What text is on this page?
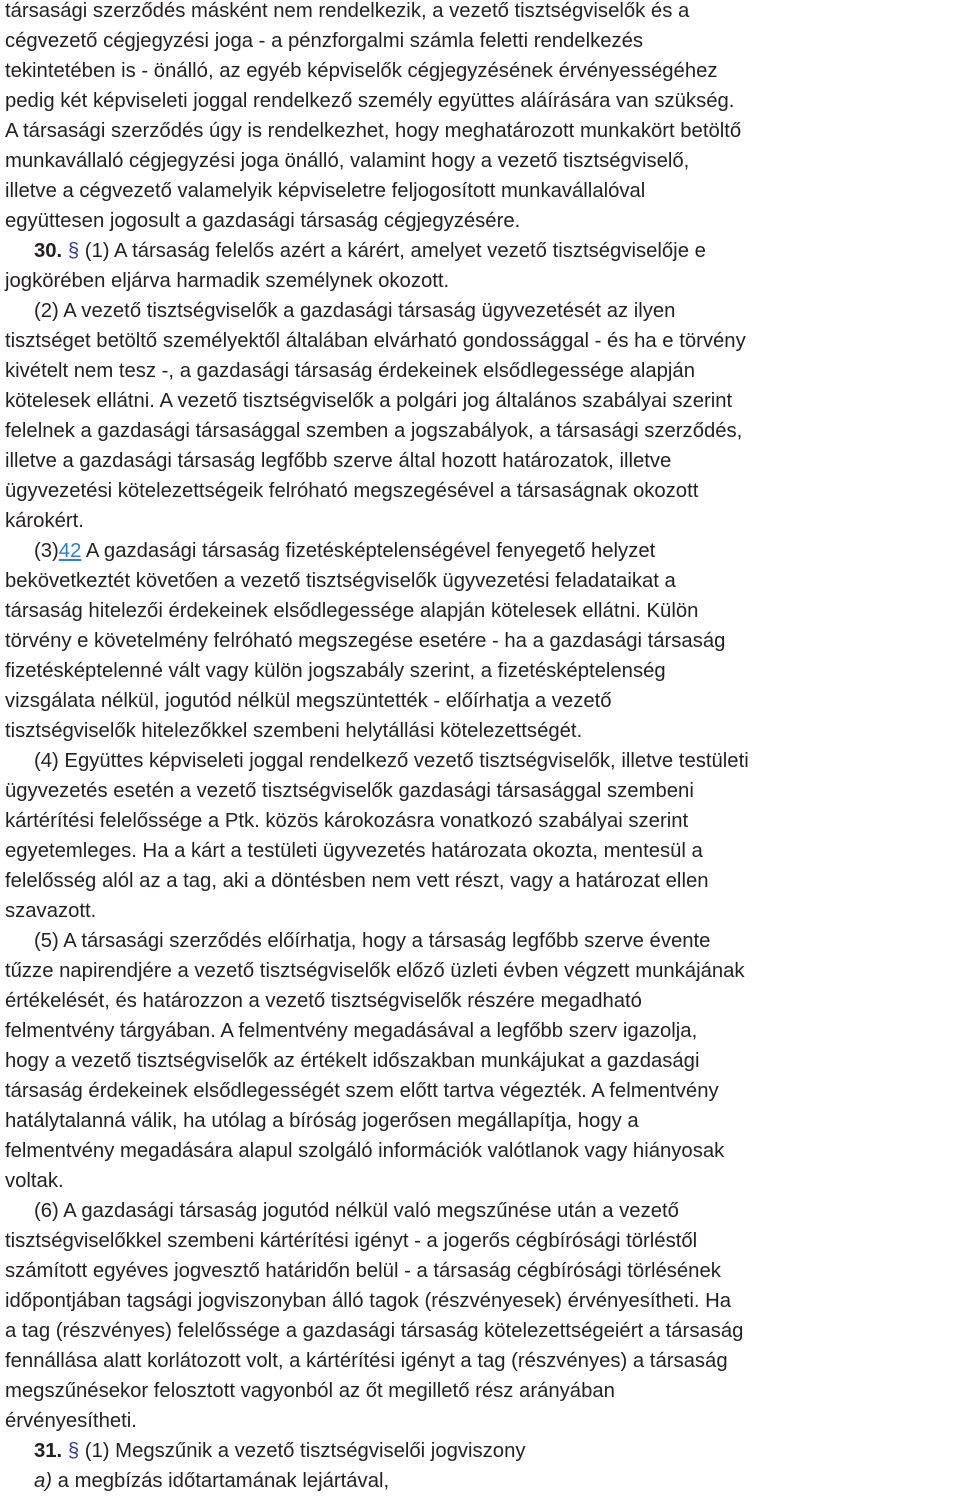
társasági szerződés másként nem rendelkezik, a vezető tisztségviselők és a
cégvezető cégjegyzési joga - a pénzforgalmi számla feletti rendelkezés
tekintetében is - önálló, az egyéb képviselők cégjegyzésének érvényességéhez
pedig két képviseleti joggal rendelkező személy együttes aláírására van szükség.
A társasági szerződés úgy is rendelkezhet, hogy meghatározott munkakört betöltő
munkavállaló cégjegyzési joga önálló, valamint hogy a vezető tisztségviselő,
illetve a cégvezető valamelyik képviseletre feljogosított munkavállalóval
együttesen jogosult a gazdasági társaság cégjegyzésére.
30. § (1) A társaság felelős azért a kárért, amelyet vezető tisztségviselője e
jogkörében eljárva harmadik személynek okozott.
(2) A vezető tisztségviselők a gazdasági társaság ügyvezetését az ilyen
tisztséget betöltő személyektől általában elvárható gondossággal - és ha e törvény
kivételt nem tesz -, a gazdasági társaság érdekeinek elsődlegessége alapján
kötelesek ellátni. A vezető tisztségviselők a polgári jog általános szabályai szerint
felelnek a gazdasági társasággal szemben a jogszabályok, a társasági szerződés,
illetve a gazdasági társaság legfőbb szerve által hozott határozatok, illetve
ügyvezetési kötelezettségeik felróható megszegésével a társaságnak okozott
károkért.
(3)42 A gazdasági társaság fizetésképtelenségével fenyegető helyzet
bekövetkeztét követően a vezető tisztségviselők ügyvezetési feladataikat a
társaság hitelezői érdekeinek elsődlegessége alapján kötelesek ellátni. Külön
törvény e követelmény felróható megszegése esetére - ha a gazdasági társaság
fizetésképtelenné vált vagy külön jogszabály szerint, a fizetésképtelenség
vizsgálata nélkül, jogutód nélkül megszüntették - előírhatja a vezető
tisztségviselők hitelezőkkel szembeni helytállási kötelezettségét.
(4) Együttes képviseleti joggal rendelkező vezető tisztségviselők, illetve testületi
ügyvezetés esetén a vezető tisztségviselők gazdasági társasággal szembeni
kártérítési felelőssége a Ptk. közös károkozásra vonatkozó szabályai szerint
egyetemleges. Ha a kárt a testületi ügyvezetés határozata okozta, mentesül a
felelősség alól az a tag, aki a döntésben nem vett részt, vagy a határozat ellen
szavazott.
(5) A társasági szerződés előírhatja, hogy a társaság legfőbb szerve évente
tűzze napirendjére a vezető tisztségviselők előző üzleti évben végzett munkájának
értékelését, és határozzon a vezető tisztségviselők részére megadható
felmentvény tárgyában. A felmentvény megadásával a legfőbb szerv igazolja,
hogy a vezető tisztségviselők az értékelt időszakban munkájukat a gazdasági
társaság érdekeinek elsődlegességét szem előtt tartva végezték. A felmentvény
hatálytalanná válik, ha utólag a bíróság jogerősen megállapítja, hogy a
felmentvény megadására alapul szolgáló információk valótlanok vagy hiányosak
voltak.
(6) A gazdasági társaság jogutód nélkül való megszűnése után a vezető
tisztségviselőkkel szembeni kártérítési igényt - a jogerős cégbírósági törléstől
számított egyéves jogvesztő határidőn belül - a társaság cégbírósági törlésének
időpontjában tagsági jogviszonyban álló tagok (részvényesek) érvényesítheti. Ha
a tag (részvényes) felelőssége a gazdasági társaság kötelezettségeiért a társaság
fennállása alatt korlátozott volt, a kártérítési igényt a tag (részvényes) a társaság
megszűnésekor felosztott vagyonból az őt megillető rész arányában
érvényesítheti.
31. § (1) Megszűnik a vezető tisztségviselői jogviszony
a) a megbízás időtartamának lejártával,
